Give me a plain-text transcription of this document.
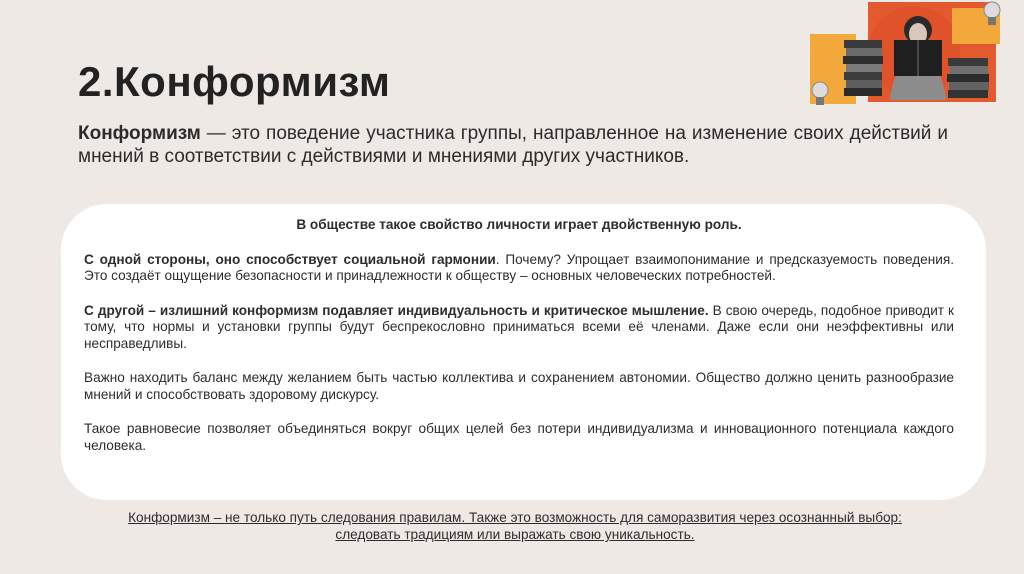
2.Конформизм
Конформизм — это поведение участника группы, направленное на изменение своих действий и мнений в соответствии с действиями и мнениями других участников.

В обществе такое свойство личности играет двойственную роль.

С одной стороны, оно способствует социальной гармонии. Почему? Упрощает взаимопонимание и предсказуемость поведения. Это создаёт ощущение безопасности и принадлежности к обществу – основных человеческих потребностей.

С другой – излишний конформизм подавляет индивидуальность и критическое мышление. В свою очередь, подобное приводит к тому, что нормы и установки группы будут беспрекословно приниматься всеми её членами. Даже если они неэффективны или несправедливы.

Важно находить баланс между желанием быть частью коллектива и сохранением автономии. Общество должно ценить разнообразие мнений и способствовать здоровому дискурсу.

Такое равновесие позволяет объединяться вокруг общих целей без потери индивидуализма и инновационного потенциала каждого человека.

Конформизм – не только путь следования правилам. Также это возможность для саморазвития через осознанный выбор: следовать традициям или выражать свою уникальность.
